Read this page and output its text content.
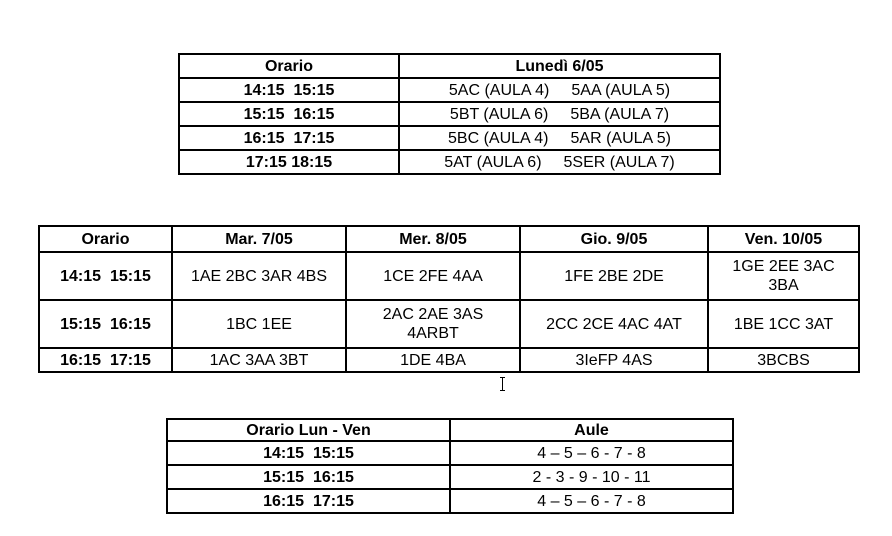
Orario	Lunedì 6/05
14:15  15:15	5AC (AULA 4) 5AA (AULA 5)
15:15  16:15	5BT (AULA 6) 5BA (AULA 7)
16:15  17:15	5BC (AULA 4) 5AR (AULA 5)
17:15 18:15	5AT (AULA 6) 5SER (AULA 7)
Orario	Mar. 7/05	Mer. 8/05	Gio. 9/05	Ven. 10/05
14:15  15:15	1AE 2BC 3AR 4BS	1CE 2FE 4AA	1FE 2BE 2DE	1GE 2EE 3AC 3BA
15:15  16:15	1BC 1EE	2AC 2AE 3AS 4ARBT	2CC 2CE 4AC 4AT	1BE 1CC 3AT
16:15  17:15	1AC 3AA 3BT	1DE 4BA	3IeFP 4AS	3BCBS
Orario Lun - Ven	Aule
14:15  15:15	4 – 5 – 6 - 7 - 8
15:15  16:15	2 - 3 - 9 - 10 - 11
16:15  17:15	4 – 5 – 6 - 7 - 8
